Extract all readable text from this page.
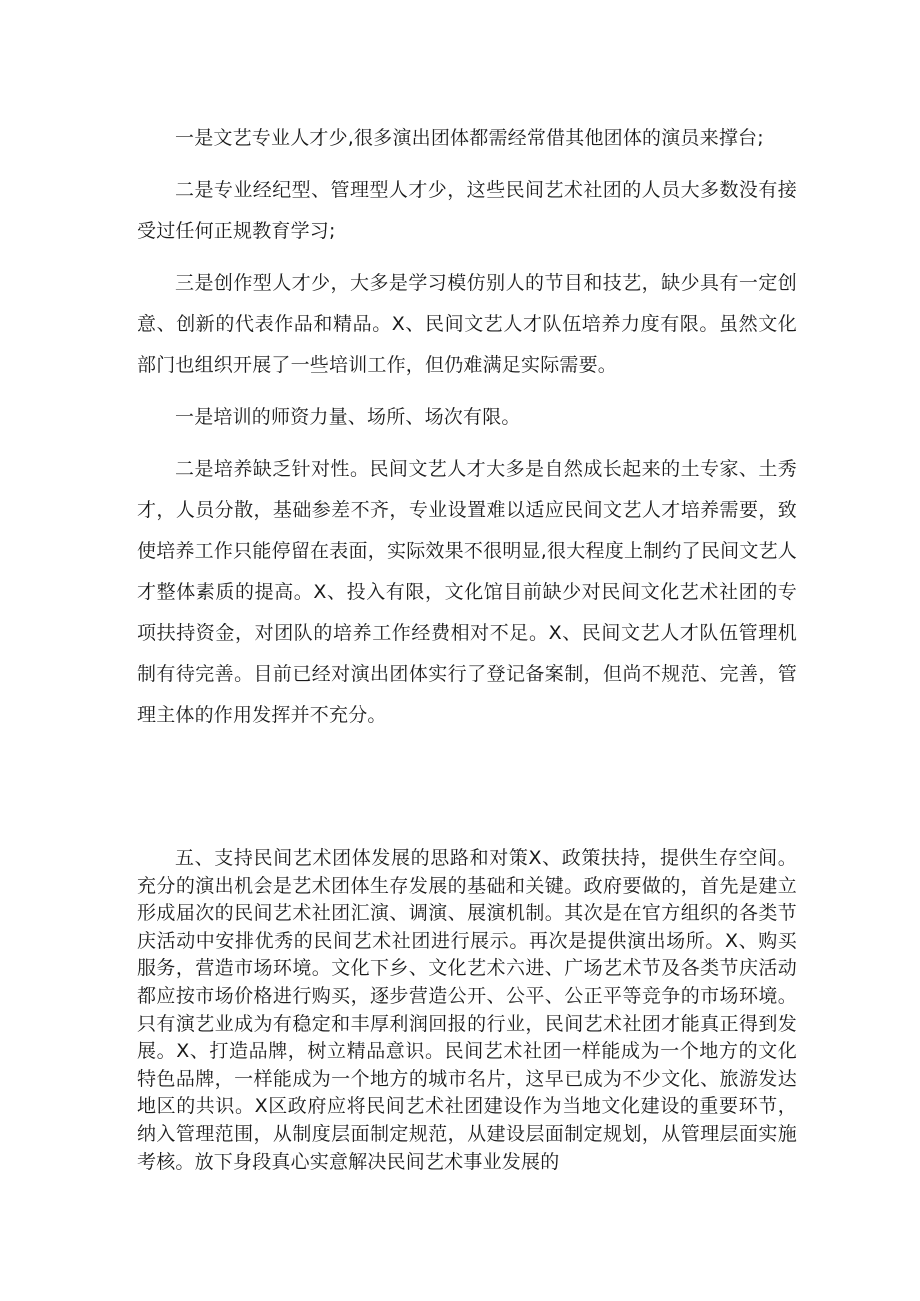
一是文艺专业人才少,很多演出团体都需经常借其他团体的演员来撑台;

二是专业经纪型、管理型人才少，这些民间艺术社团的人员大多数没有接受过任何正规教育学习;

三是创作型人才少，大多是学习模仿别人的节目和技艺，缺少具有一定创意、创新的代表作品和精品。X、民间文艺人才队伍培养力度有限。虽然文化部门也组织开展了一些培训工作，但仍难满足实际需要。

一是培训的师资力量、场所、场次有限。

二是培养缺乏针对性。民间文艺人才大多是自然成长起来的土专家、土秀才，人员分散，基础参差不齐，专业设置难以适应民间文艺人才培养需要，致使培养工作只能停留在表面，实际效果不很明显,很大程度上制约了民间文艺人才整体素质的提高。X、投入有限，文化馆目前缺少对民间文化艺术社团的专项扶持资金，对团队的培养工作经费相对不足。X、民间文艺人才队伍管理机制有待完善。目前已经对演出团体实行了登记备案制，但尚不规范、完善，管理主体的作用发挥并不充分。

五、支持民间艺术团体发展的思路和对策X、政策扶持，提供生存空间。充分的演出机会是艺术团体生存发展的基础和关键。政府要做的，首先是建立形成届次的民间艺术社团汇演、调演、展演机制。其次是在官方组织的各类节庆活动中安排优秀的民间艺术社团进行展示。再次是提供演出场所。X、购买服务，营造市场环境。文化下乡、文化艺术六进、广场艺术节及各类节庆活动都应按市场价格进行购买，逐步营造公开、公平、公正平等竞争的市场环境。只有演艺业成为有稳定和丰厚利润回报的行业，民间艺术社团才能真正得到发展。X、打造品牌，树立精品意识。民间艺术社团一样能成为一个地方的文化特色品牌，一样能成为一个地方的城市名片，这早已成为不少文化、旅游发达地区的共识。X区政府应将民间艺术社团建设作为当地文化建设的重要环节，纳入管理范围，从制度层面制定规范，从建设层面制定规划，从管理层面实施考核。放下身段真心实意解决民间艺术事业发展的
